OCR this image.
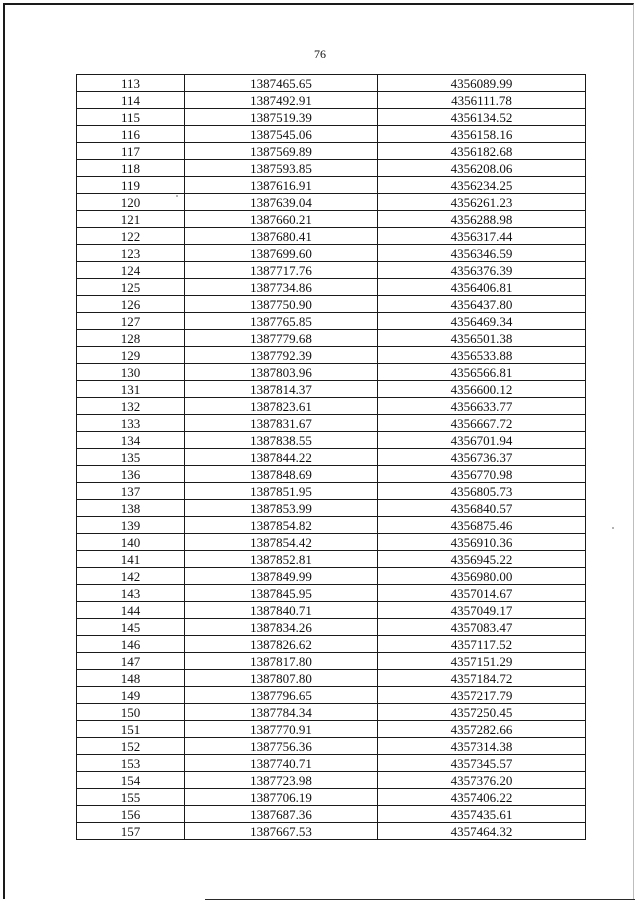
76
113	1387465.65	4356089.99
114	1387492.91	4356111.78
115	1387519.39	4356134.52
116	1387545.06	4356158.16
117	1387569.89	4356182.68
118	1387593.85	4356208.06
119	1387616.91	4356234.25
120	1387639.04	4356261.23
121	1387660.21	4356288.98
122	1387680.41	4356317.44
123	1387699.60	4356346.59
124	1387717.76	4356376.39
125	1387734.86	4356406.81
126	1387750.90	4356437.80
127	1387765.85	4356469.34
128	1387779.68	4356501.38
129	1387792.39	4356533.88
130	1387803.96	4356566.81
131	1387814.37	4356600.12
132	1387823.61	4356633.77
133	1387831.67	4356667.72
134	1387838.55	4356701.94
135	1387844.22	4356736.37
136	1387848.69	4356770.98
137	1387851.95	4356805.73
138	1387853.99	4356840.57
139	1387854.82	4356875.46
140	1387854.42	4356910.36
141	1387852.81	4356945.22
142	1387849.99	4356980.00
143	1387845.95	4357014.67
144	1387840.71	4357049.17
145	1387834.26	4357083.47
146	1387826.62	4357117.52
147	1387817.80	4357151.29
148	1387807.80	4357184.72
149	1387796.65	4357217.79
150	1387784.34	4357250.45
151	1387770.91	4357282.66
152	1387756.36	4357314.38
153	1387740.71	4357345.57
154	1387723.98	4357376.20
155	1387706.19	4357406.22
156	1387687.36	4357435.61
157	1387667.53	4357464.32
